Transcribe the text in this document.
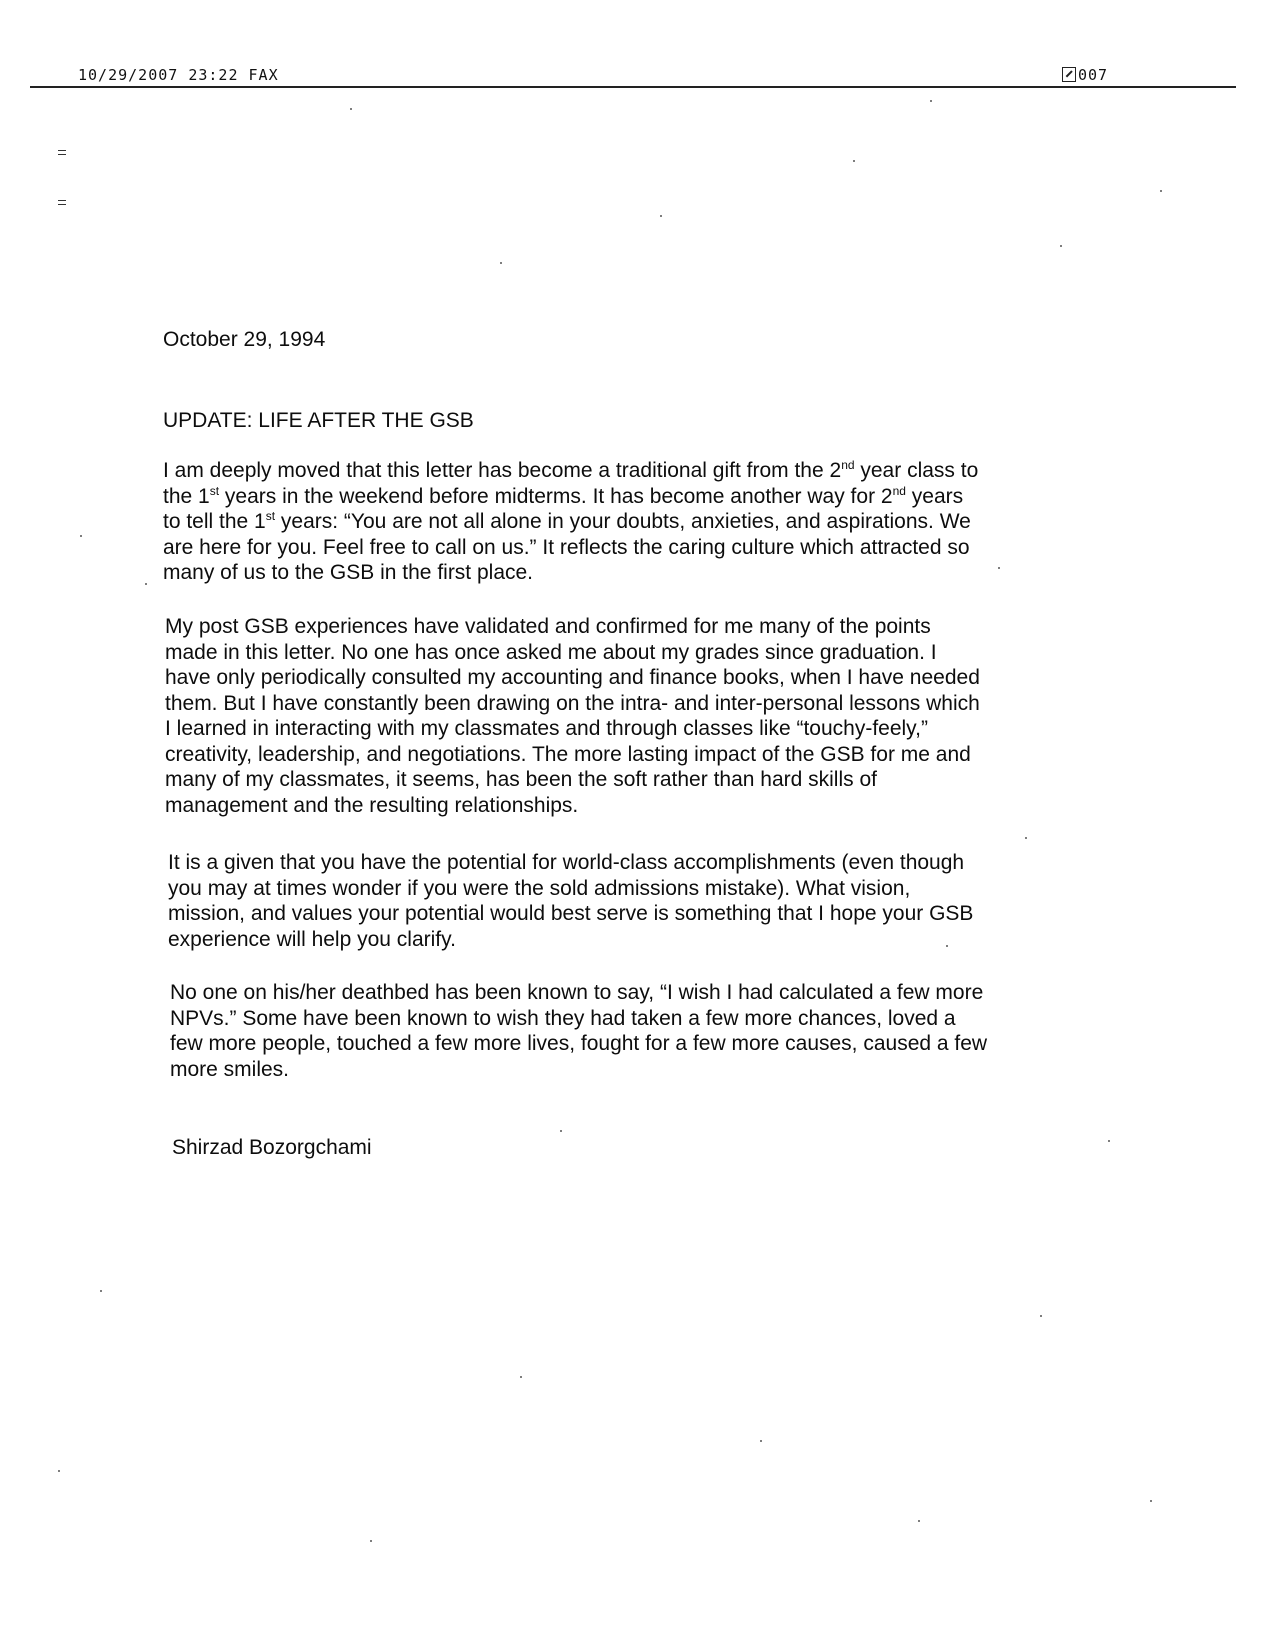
10/29/2007 23:22 FAX	007
October 29, 1994
UPDATE: LIFE AFTER THE GSB

I am deeply moved that this letter has become a traditional gift from the 2nd year class to
the 1st years in the weekend before midterms. It has become another way for 2nd years
to tell the 1st years: “You are not all alone in your doubts, anxieties, and aspirations. We
are here for you. Feel free to call on us.” It reflects the caring culture which attracted so
many of us to the GSB in the first place.

My post GSB experiences have validated and confirmed for me many of the points
made in this letter. No one has once asked me about my grades since graduation. I
have only periodically consulted my accounting and finance books, when I have needed
them. But I have constantly been drawing on the intra- and inter-personal lessons which
I learned in interacting with my classmates and through classes like “touchy-feely,”
creativity, leadership, and negotiations. The more lasting impact of the GSB for me and
many of my classmates, it seems, has been the soft rather than hard skills of
management and the resulting relationships.

It is a given that you have the potential for world-class accomplishments (even though
you may at times wonder if you were the sold admissions mistake). What vision,
mission, and values your potential would best serve is something that I hope your GSB
experience will help you clarify.

No one on his/her deathbed has been known to say, “I wish I had calculated a few more
NPVs.” Some have been known to wish they had taken a few more chances, loved a
few more people, touched a few more lives, fought for a few more causes, caused a few
more smiles.

Shirzad Bozorgchami
